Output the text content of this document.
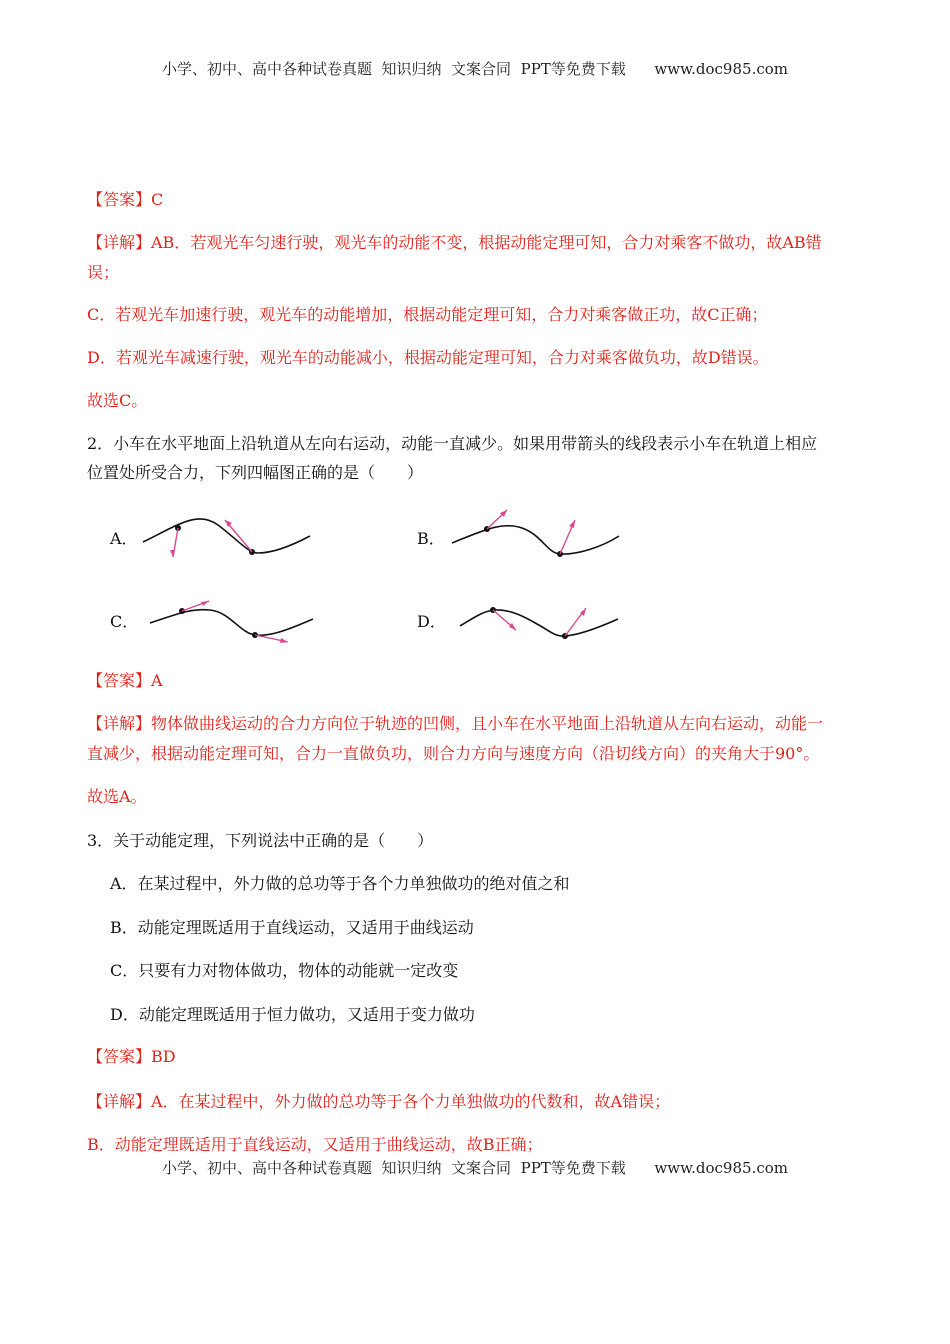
小学、初中、高中各种试卷真题  知识归纳  文案合同  PPT等免费下载      www.doc985.com
【答案】C
【详解】AB．若观光车匀速行驶，观光车的动能不变，根据动能定理可知，合力对乘客不做功，故AB错
误；
C．若观光车加速行驶，观光车的动能增加，根据动能定理可知，合力对乘客做正功，故C正确；
D．若观光车减速行驶，观光车的动能减小，根据动能定理可知，合力对乘客做负功，故D错误。
故选C。
2．小车在水平地面上沿轨道从左向右运动，动能一直减少。如果用带箭头的线段表示小车在轨道上相应
位置处所受合力，下列四幅图正确的是（　　）
A．	B．
C．	D．
【答案】A
【详解】物体做曲线运动的合力方向位于轨迹的凹侧，且小车在水平地面上沿轨道从左向右运动，动能一
直减少，根据动能定理可知，合力一直做负功，则合力方向与速度方向（沿切线方向）的夹角大于90°。
故选A。
3．关于动能定理，下列说法中正确的是（　　）
A．在某过程中，外力做的总功等于各个力单独做功的绝对值之和
B．动能定理既适用于直线运动，又适用于曲线运动
C．只要有力对物体做功，物体的动能就一定改变
D．动能定理既适用于恒力做功，又适用于变力做功
【答案】BD
【详解】A．在某过程中，外力做的总功等于各个力单独做功的代数和，故A错误；
B．动能定理既适用于直线运动，又适用于曲线运动，故B正确；
小学、初中、高中各种试卷真题  知识归纳  文案合同  PPT等免费下载      www.doc985.com
